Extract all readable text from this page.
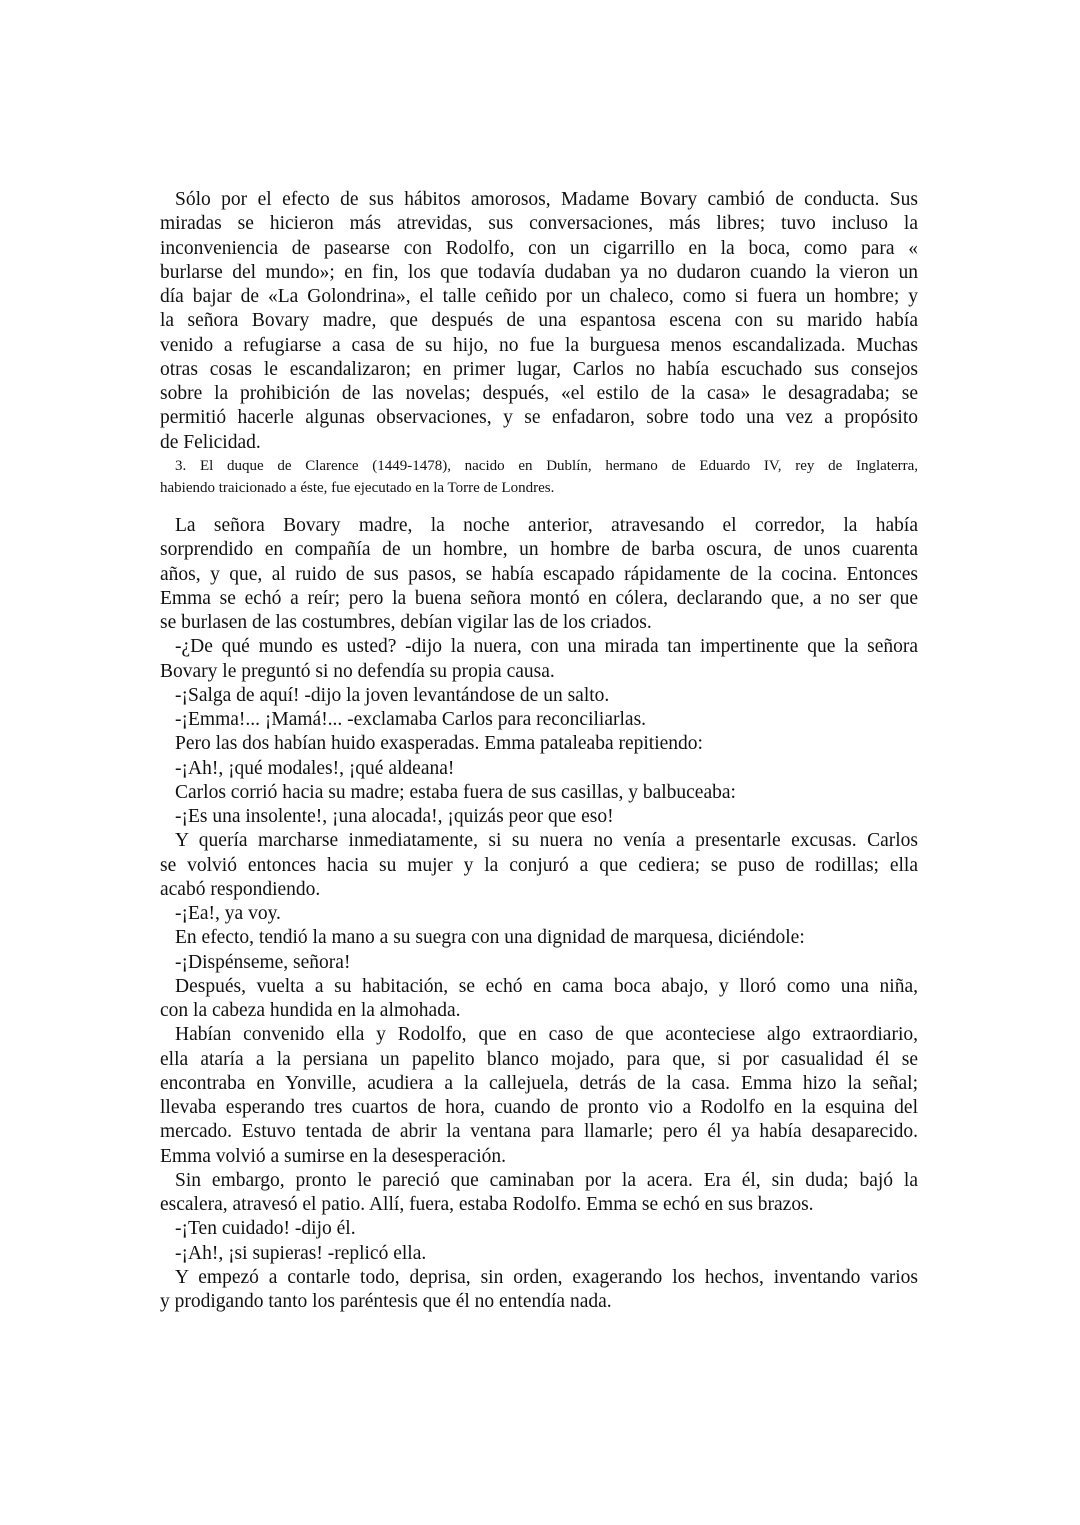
Sólo por el efecto de sus hábitos amorosos, Madame Bovary cambió de conducta. Sus
miradas se hicieron más atrevidas, sus conversaciones, más libres; tuvo incluso la
inconveniencia de pasearse con Rodolfo, con un cigarrillo en la boca, como para «
burlarse del mundo»; en fin, los que todavía dudaban ya no dudaron cuando la vieron un
día bajar de «La Golondrina», el talle ceñido por un chaleco, como si fuera un hombre; y
la señora Bovary madre, que después de una espantosa escena con su marido había
venido a refugiarse a casa de su hijo, no fue la burguesa menos escandalizada. Muchas
otras cosas le escandalizaron; en primer lugar, Carlos no había escuchado sus consejos
sobre la prohibición de las novelas; después, «el estilo de la casa» le desagradaba; se
permitió hacerle algunas observaciones, y se enfadaron, sobre todo una vez a propósito
de Felicidad.
3. El duque de Clarence (1449-1478), nacido en Dublín, hermano de Eduardo IV, rey de Inglaterra,
habiendo traicionado a éste, fue ejecutado en la Torre de Londres.
La señora Bovary madre, la noche anterior, atravesando el corredor, la había
sorprendido en compañía de un hombre, un hombre de barba oscura, de unos cuarenta
años, y que, al ruido de sus pasos, se había escapado rápidamente de la cocina. Entonces
Emma se echó a reír; pero la buena señora montó en cólera, declarando que, a no ser que
se burlasen de las costumbres, debían vigilar las de los criados.
-¿De qué mundo es usted? -dijo la nuera, con una mirada tan impertinente que la señora
Bovary le preguntó si no defendía su propia causa.
-¡Salga de aquí! -dijo la joven levantándose de un salto.
-¡Emma!... ¡Mamá!... -exclamaba Carlos para reconciliarlas.
Pero las dos habían huido exasperadas. Emma pataleaba repitiendo:
-¡Ah!, ¡qué modales!, ¡qué aldeana!
Carlos corrió hacia su madre; estaba fuera de sus casillas, y balbuceaba:
-¡Es una insolente!, ¡una alocada!, ¡quizás peor que eso!
Y quería marcharse inmediatamente, si su nuera no venía a presentarle excusas. Carlos
se volvió entonces hacia su mujer y la conjuró a que cediera; se puso de rodillas; ella
acabó respondiendo.
-¡Ea!, ya voy.
En efecto, tendió la mano a su suegra con una dignidad de marquesa, diciéndole:
-¡Dispénseme, señora!
Después, vuelta a su habitación, se echó en cama boca abajo, y lloró como una niña,
con la cabeza hundida en la almohada.
Habían convenido ella y Rodolfo, que en caso de que aconteciese algo extraordiario,
ella ataría a la persiana un papelito blanco mojado, para que, si por casualidad él se
encontraba en Yonville, acudiera a la callejuela, detrás de la casa. Emma hizo la señal;
llevaba esperando tres cuartos de hora, cuando de pronto vio a Rodolfo en la esquina del
mercado. Estuvo tentada de abrir la ventana para llamarle; pero él ya había desaparecido.
Emma volvió a sumirse en la desesperación.
Sin embargo, pronto le pareció que caminaban por la acera. Era él, sin duda; bajó la
escalera, atravesó el patio. Allí, fuera, estaba Rodolfo. Emma se echó en sus brazos.
-¡Ten cuidado! -dijo él.
-¡Ah!, ¡si supieras! -replicó ella.
Y empezó a contarle todo, deprisa, sin orden, exagerando los hechos, inventando varios
y prodigando tanto los paréntesis que él no entendía nada.
